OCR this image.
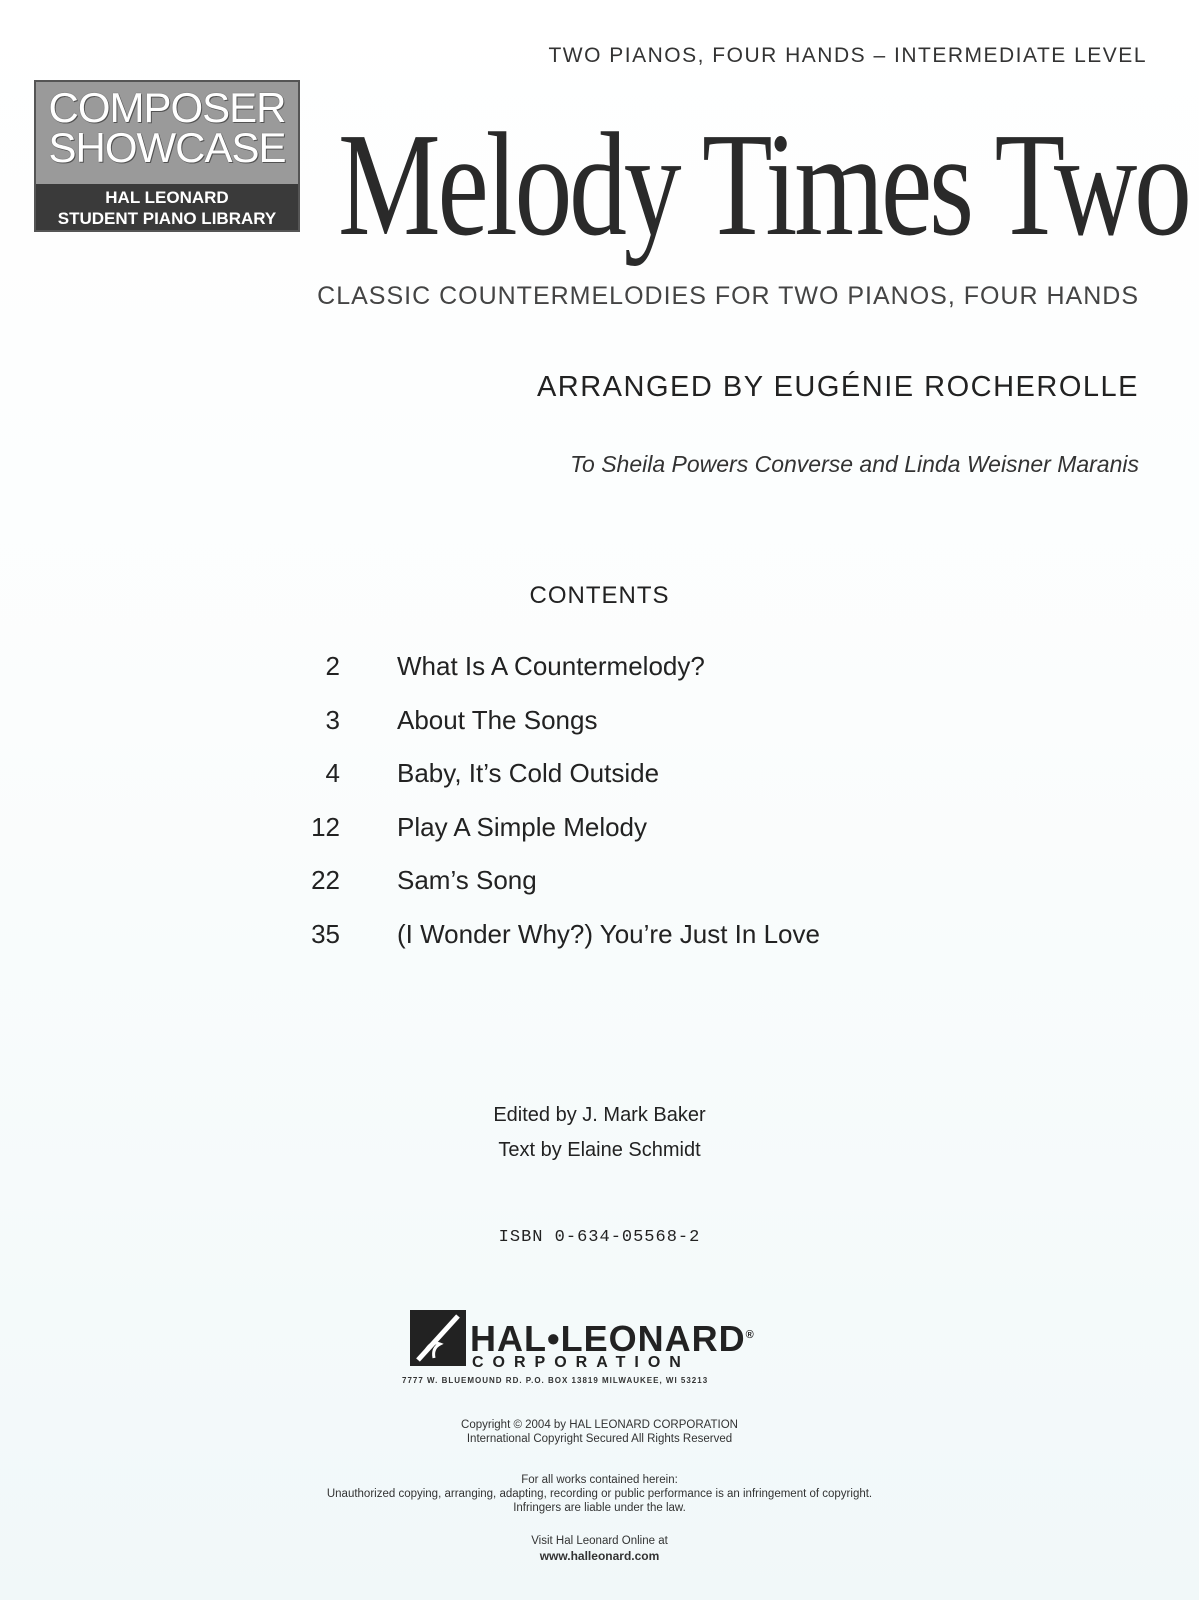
TWO PIANOS, FOUR HANDS – INTERMEDIATE LEVEL
COMPOSER
SHOWCASE
HAL LEONARD
STUDENT PIANO LIBRARY Melody Times Two
CLASSIC COUNTERMELODIES FOR TWO PIANOS, FOUR HANDS
ARRANGED BY EUGÉNIE ROCHEROLLE
To Sheila Powers Converse and Linda Weisner Maranis
CONTENTS
2 What Is A Countermelody?
3 About The Songs
4 Baby, It’s Cold Outside
12 Play A Simple Melody
22 Sam’s Song
35 (I Wonder Why?) You’re Just In Love
Edited by J. Mark Baker
Text by Elaine Schmidt
ISBN 0-634-05568-2
HAL•LEONARD®
CORPORATION
7777 W. BLUEMOUND RD. P.O. BOX 13819 MILWAUKEE, WI 53213
Copyright © 2004 by HAL LEONARD CORPORATION
International Copyright Secured All Rights Reserved
For all works contained herein:
Unauthorized copying, arranging, adapting, recording or public performance is an infringement of copyright.
Infringers are liable under the law.
Visit Hal Leonard Online at
www.halleonard.com
